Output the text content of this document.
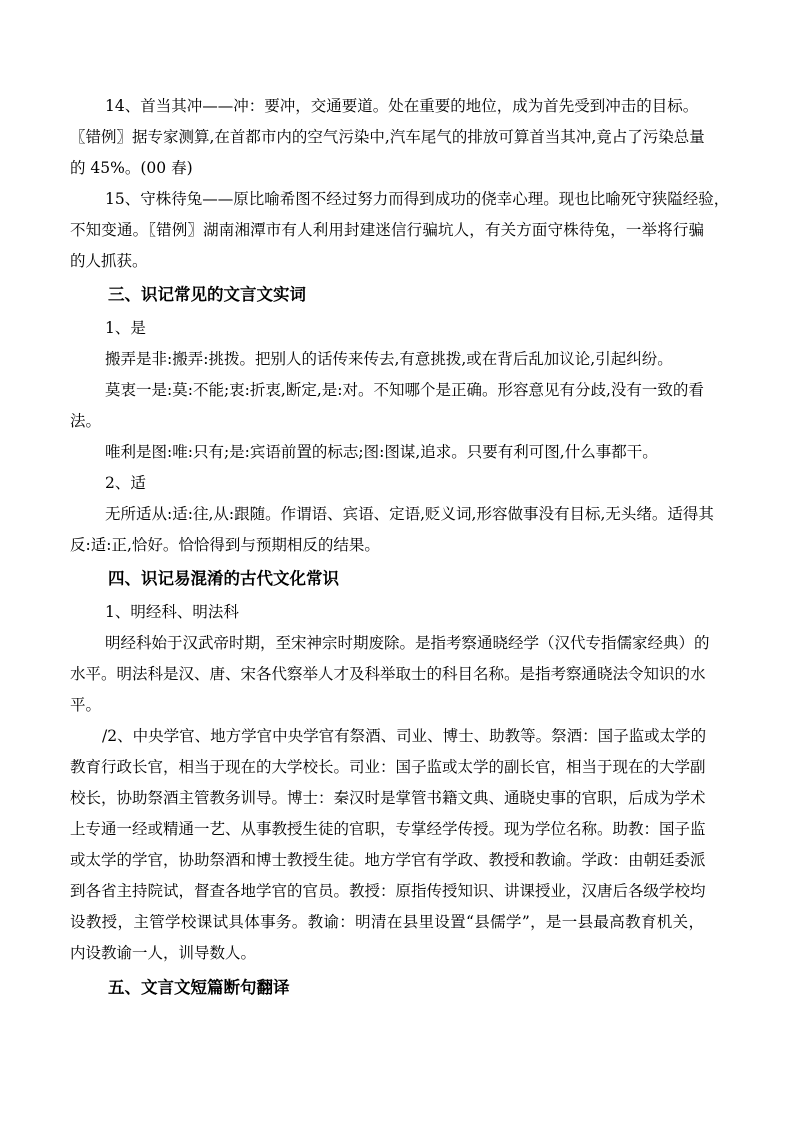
14、首当其冲——冲：要冲，交通要道。处在重要的地位，成为首先受到冲击的目标。
〖错例〗据专家测算,在首都市内的空气污染中,汽车尾气的排放可算首当其冲,竟占了污染总量
的 45%。(00 春)
15、守株待兔——原比喻希图不经过努力而得到成功的侥幸心理。现也比喻死守狭隘经验，
不知变通。〖错例〗湖南湘潭市有人利用封建迷信行骗坑人，有关方面守株待兔，一举将行骗
的人抓获。
三、识记常见的文言文实词
1、是
搬弄是非:搬弄:挑拨。把别人的话传来传去,有意挑拨,或在背后乱加议论,引起纠纷。
莫衷一是:莫:不能;衷:折衷,断定,是:对。不知哪个是正确。形容意见有分歧,没有一致的看
法。
唯利是图:唯:只有;是:宾语前置的标志;图:图谋,追求。只要有利可图,什么事都干。
2、适
无所适从:适:往,从:跟随。作谓语、宾语、定语,贬义词,形容做事没有目标,无头绪。适得其
反:适:正,恰好。恰恰得到与预期相反的结果。
四、识记易混淆的古代文化常识
1、明经科、明法科
明经科始于汉武帝时期，至宋神宗时期废除。是指考察通晓经学（汉代专指儒家经典）的
水平。明法科是汉、唐、宋各代察举人才及科举取士的科目名称。是指考察通晓法令知识的水
平。
/2、中央学官、地方学官中央学官有祭酒、司业、博士、助教等。祭酒：国子监或太学的
教育行政长官，相当于现在的大学校长。司业：国子监或太学的副长官，相当于现在的大学副
校长，协助祭酒主管教务训导。博士：秦汉时是掌管书籍文典、通晓史事的官职，后成为学术
上专通一经或精通一艺、从事教授生徒的官职，专掌经学传授。现为学位名称。助教：国子监
或太学的学官，协助祭酒和博士教授生徒。地方学官有学政、教授和教谕。学政：由朝廷委派
到各省主持院试，督查各地学官的官员。教授：原指传授知识、讲课授业，汉唐后各级学校均
设教授，主管学校课试具体事务。教谕：明清在县里设置“县儒学”，是一县最高教育机关，
内设教谕一人，训导数人。
五、文言文短篇断句翻译
